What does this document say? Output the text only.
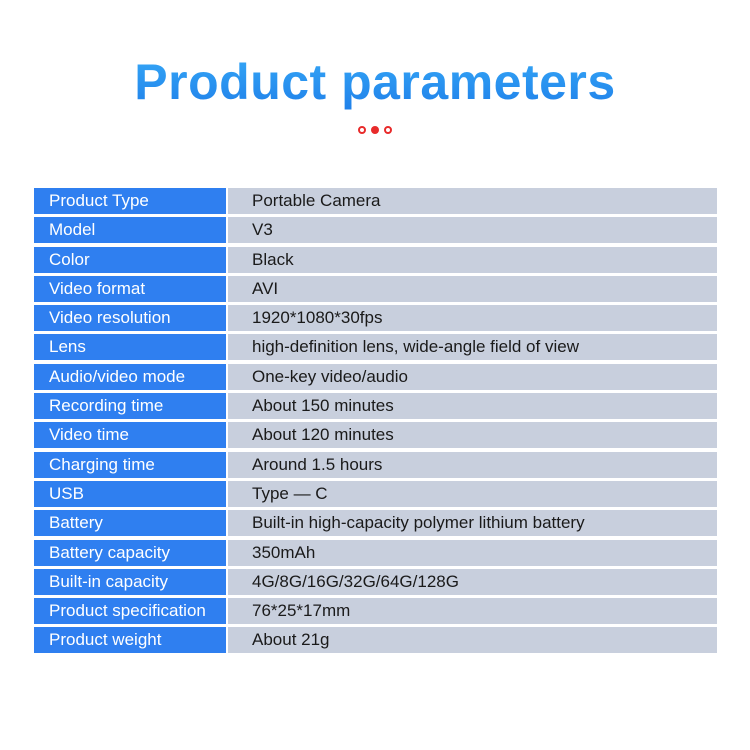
Product parameters
Product Type	Portable Camera
Model	V3
Color	Black
Video format	AVI
Video resolution	1920*1080*30fps
Lens	high-definition lens, wide-angle field of view
Audio/video mode	One-key video/audio
Recording time	About 150 minutes
Video time	About 120 minutes
Charging time	Around 1.5 hours
USB	Type — C
Battery	Built-in high-capacity polymer lithium battery
Battery capacity	350mAh
Built-in capacity	4G/8G/16G/32G/64G/128G
Product specification	76*25*17mm
Product weight	About 21g
